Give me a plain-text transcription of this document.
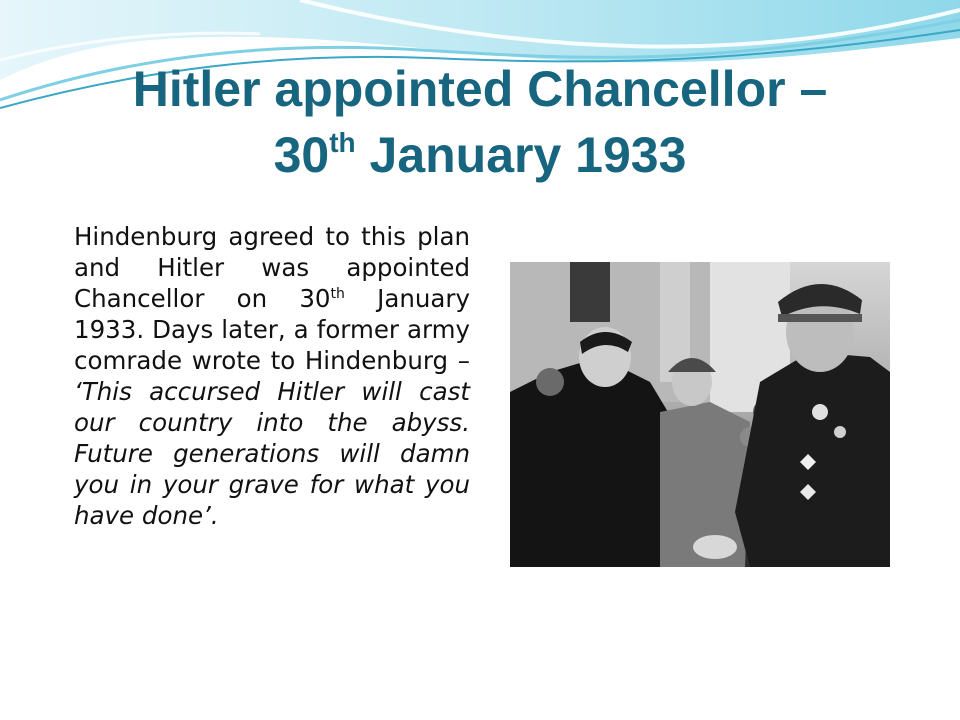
Hitler appointed Chancellor –
30th January 1933

Hindenburg agreed to this plan and Hitler was appointed Chancellor on 30th January 1933. Days later, a former army comrade wrote to Hindenburg – ‘This accursed Hitler will cast our country into the abyss. Future generations will damn you in your grave for what you have done’.
